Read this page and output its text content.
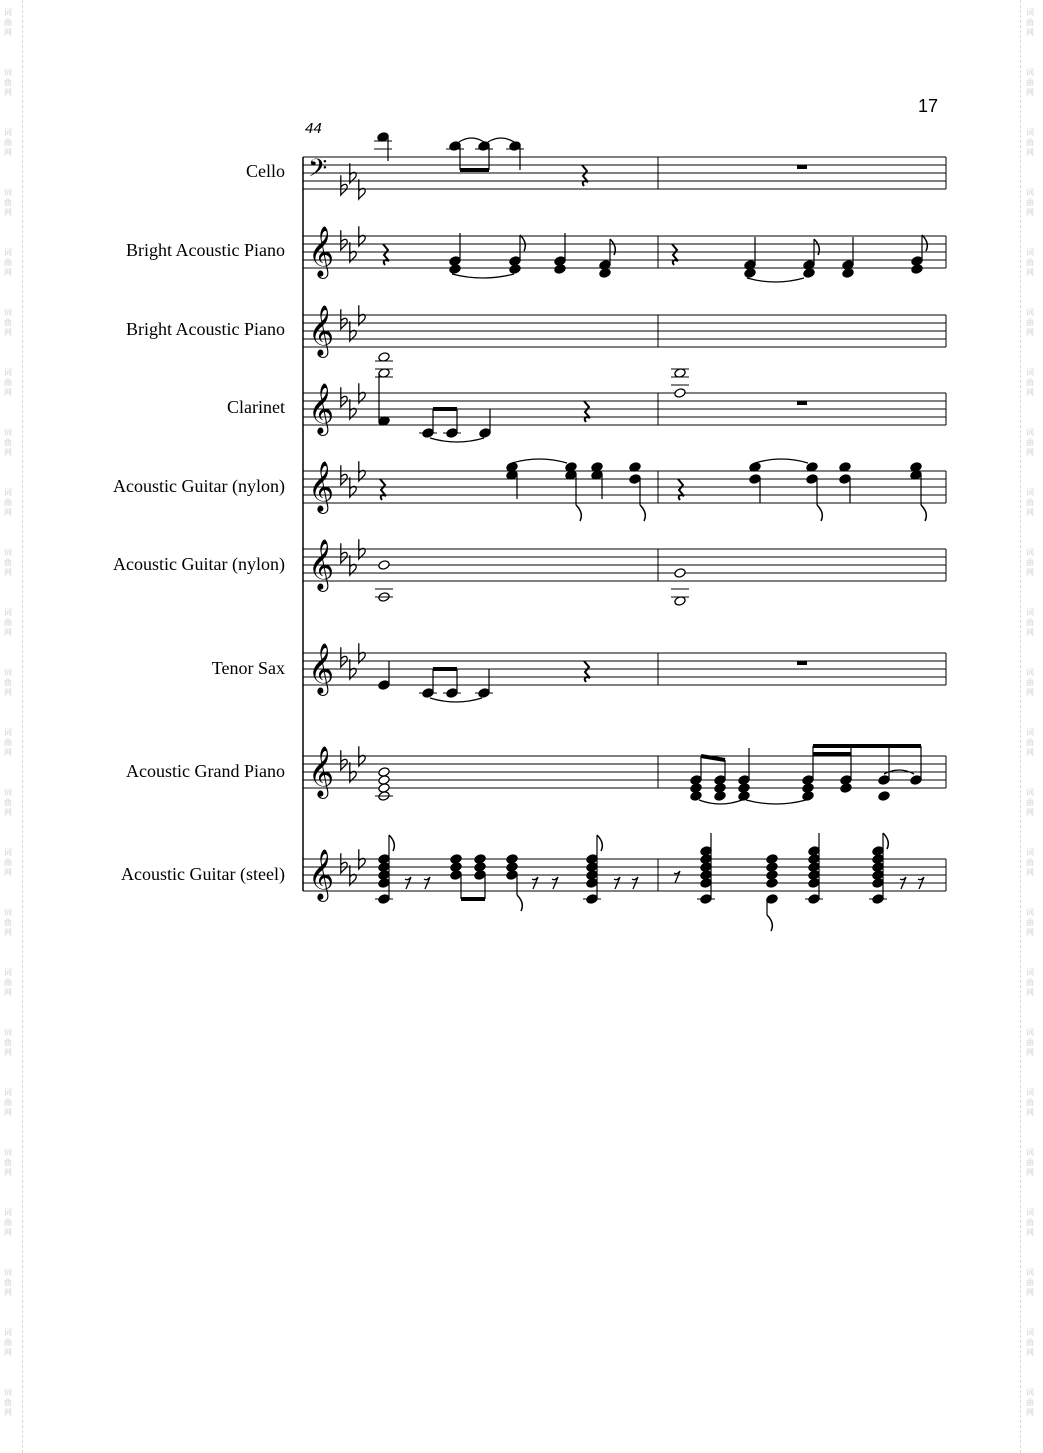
词
曲
网
词
曲
网
词
曲
网
词
曲
网
词
曲
网
词
曲
网
词
曲
网
词
曲
网
词
曲
网
词
曲
网
词
曲
网
词
曲
网
词
曲
网
词
曲
网
词
曲
网
词
曲
网
词
曲
网
词
曲
网
词
曲
网
词
曲
网
词
曲
网
词
曲
网
词
曲
网
词
曲
网
词
曲
网
词
曲
网
词
曲
网
词
曲
网
词
曲
网
词
曲
网
词
曲
网
词
曲
网
词
曲
网
词
曲
网
词
曲
网
词
曲
网
词
曲
网
词
曲
网
词
曲
网
词
曲
网
词
曲
网
词
曲
网
词
曲
网
词
曲
网
词
曲
网
词
曲
网
词
曲
网
词
曲
网
17
44
Cello
Bright Acoustic Piano
Bright Acoustic Piano
Clarinet
Acoustic Guitar (nylon)
Acoustic Guitar (nylon)
Tenor Sax
Acoustic Grand Piano
Acoustic Guitar (steel)
𝄢
𝄞
𝄞
𝄞
𝄞
𝄞
𝄞
𝄞
𝄞
